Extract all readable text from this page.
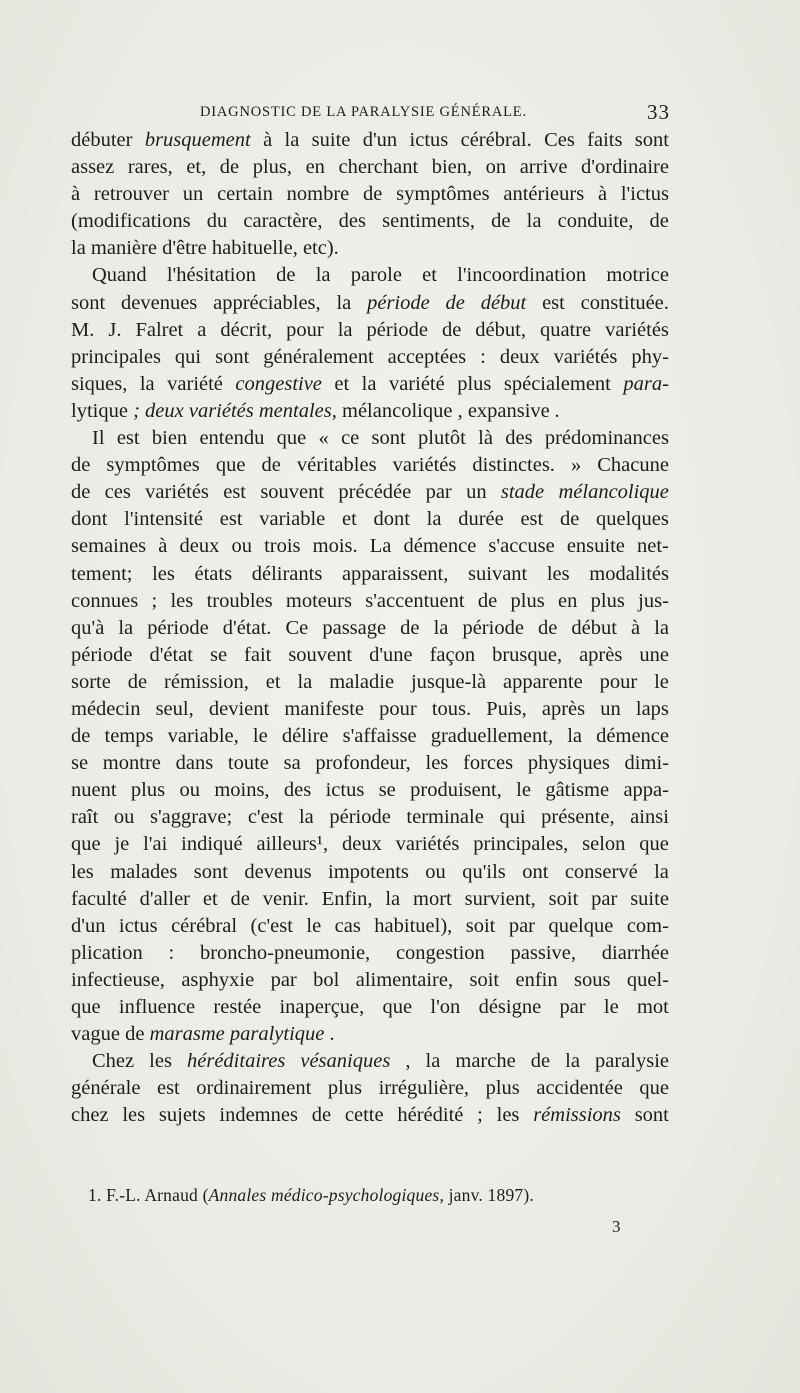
DIAGNOSTIC DE LA PARALYSIE GÉNÉRALE.	33
débuter brusquement à la suite d'un ictus cérébral. Ces faits sont
assez rares, et, de plus, en cherchant bien, on arrive d'ordinaire
à retrouver un certain nombre de symptômes antérieurs à l'ictus
(modifications du caractère, des sentiments, de la conduite, de
la manière d'être habituelle, etc).
Quand l'hésitation de la parole et l'incoordination motrice
sont devenues appréciables, la période de début est constituée.
M. J. Falret a décrit, pour la période de début, quatre variétés
principales qui sont généralement acceptées : deux variétés phy-
siques, la variété congestive et la variété plus spécialement para-
lytique ; deux variétés mentales, mélancolique , expansive .
Il est bien entendu que « ce sont plutôt là des prédominances
de symptômes que de véritables variétés distinctes. » Chacune
de ces variétés est souvent précédée par un stade mélancolique
dont l'intensité est variable et dont la durée est de quelques
semaines à deux ou trois mois. La démence s'accuse ensuite net-
tement; les états délirants apparaissent, suivant les modalités
connues ; les troubles moteurs s'accentuent de plus en plus jus-
qu'à la période d'état. Ce passage de la période de début à la
période d'état se fait souvent d'une façon brusque, après une
sorte de rémission, et la maladie jusque-là apparente pour le
médecin seul, devient manifeste pour tous. Puis, après un laps
de temps variable, le délire s'affaisse graduellement, la démence
se montre dans toute sa profondeur, les forces physiques dimi-
nuent plus ou moins, des ictus se produisent, le gâtisme appa-
raît ou s'aggrave; c'est la période terminale qui présente, ainsi
que je l'ai indiqué ailleurs¹, deux variétés principales, selon que
les malades sont devenus impotents ou qu'ils ont conservé la
faculté d'aller et de venir. Enfin, la mort survient, soit par suite
d'un ictus cérébral (c'est le cas habituel), soit par quelque com-
plication : broncho-pneumonie, congestion passive, diarrhée
infectieuse, asphyxie par bol alimentaire, soit enfin sous quel-
que influence restée inaperçue, que l'on désigne par le mot
vague de marasme paralytique .
Chez les héréditaires vésaniques , la marche de la paralysie
générale est ordinairement plus irrégulière, plus accidentée que
chez les sujets indemnes de cette hérédité ; les rémissions sont
1. F.-L. Arnaud (Annales médico-psychologiques, janv. 1897).
3
